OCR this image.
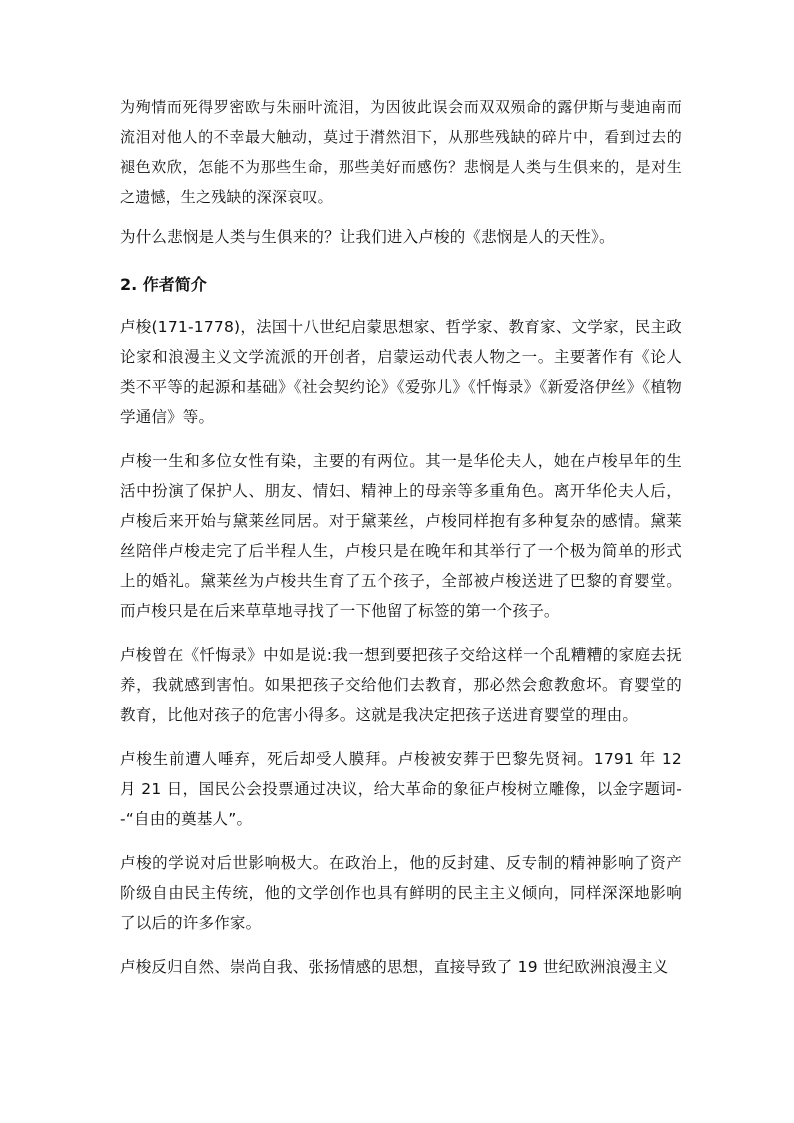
为殉情而死得罗密欧与朱丽叶流泪，为因彼此误会而双双殒命的露伊斯与斐迪南而流泪对他人的不幸最大触动，莫过于潸然泪下，从那些残缺的碎片中，看到过去的褪色欢欣，怎能不为那些生命，那些美好而感伤？悲悯是人类与生俱来的，是对生之遗憾，生之残缺的深深哀叹。

为什么悲悯是人类与生俱来的？让我们进入卢梭的《悲悯是人的天性》。

2. 作者简介

卢梭(171-1778)，法国十八世纪启蒙思想家、哲学家、教育家、文学家，民主政论家和浪漫主义文学流派的开创者，启蒙运动代表人物之一。主要著作有《论人类不平等的起源和基础》《社会契约论》《爱弥儿》《忏悔录》《新爱洛伊丝》《植物学通信》等。

卢梭一生和多位女性有染，主要的有两位。其一是华伦夫人，她在卢梭早年的生活中扮演了保护人、朋友、情妇、精神上的母亲等多重角色。离开华伦夫人后，卢梭后来开始与黛莱丝同居。对于黛莱丝，卢梭同样抱有多种复杂的感情。黛莱丝陪伴卢梭走完了后半程人生，卢梭只是在晚年和其举行了一个极为简单的形式上的婚礼。黛莱丝为卢梭共生育了五个孩子，全部被卢梭送进了巴黎的育婴堂。而卢梭只是在后来草草地寻找了一下他留了标签的第一个孩子。

卢梭曾在《忏悔录》中如是说:我一想到要把孩子交给这样一个乱糟糟的家庭去抚养，我就感到害怕。如果把孩子交给他们去教育，那必然会愈教愈坏。育婴堂的教育，比他对孩子的危害小得多。这就是我决定把孩子送进育婴堂的理由。

卢梭生前遭人唾弃，死后却受人膜拜。卢梭被安葬于巴黎先贤祠。1791 年 12 月 21 日，国民公会投票通过决议，给大革命的象征卢梭树立雕像，以金字题词--“自由的奠基人”。

卢梭的学说对后世影响极大。在政治上，他的反封建、反专制的精神影响了资产阶级自由民主传统，他的文学创作也具有鲜明的民主主义倾向，同样深深地影响了以后的许多作家。

卢梭反归自然、崇尚自我、张扬情感的思想，直接导致了 19 世纪欧洲浪漫主义
